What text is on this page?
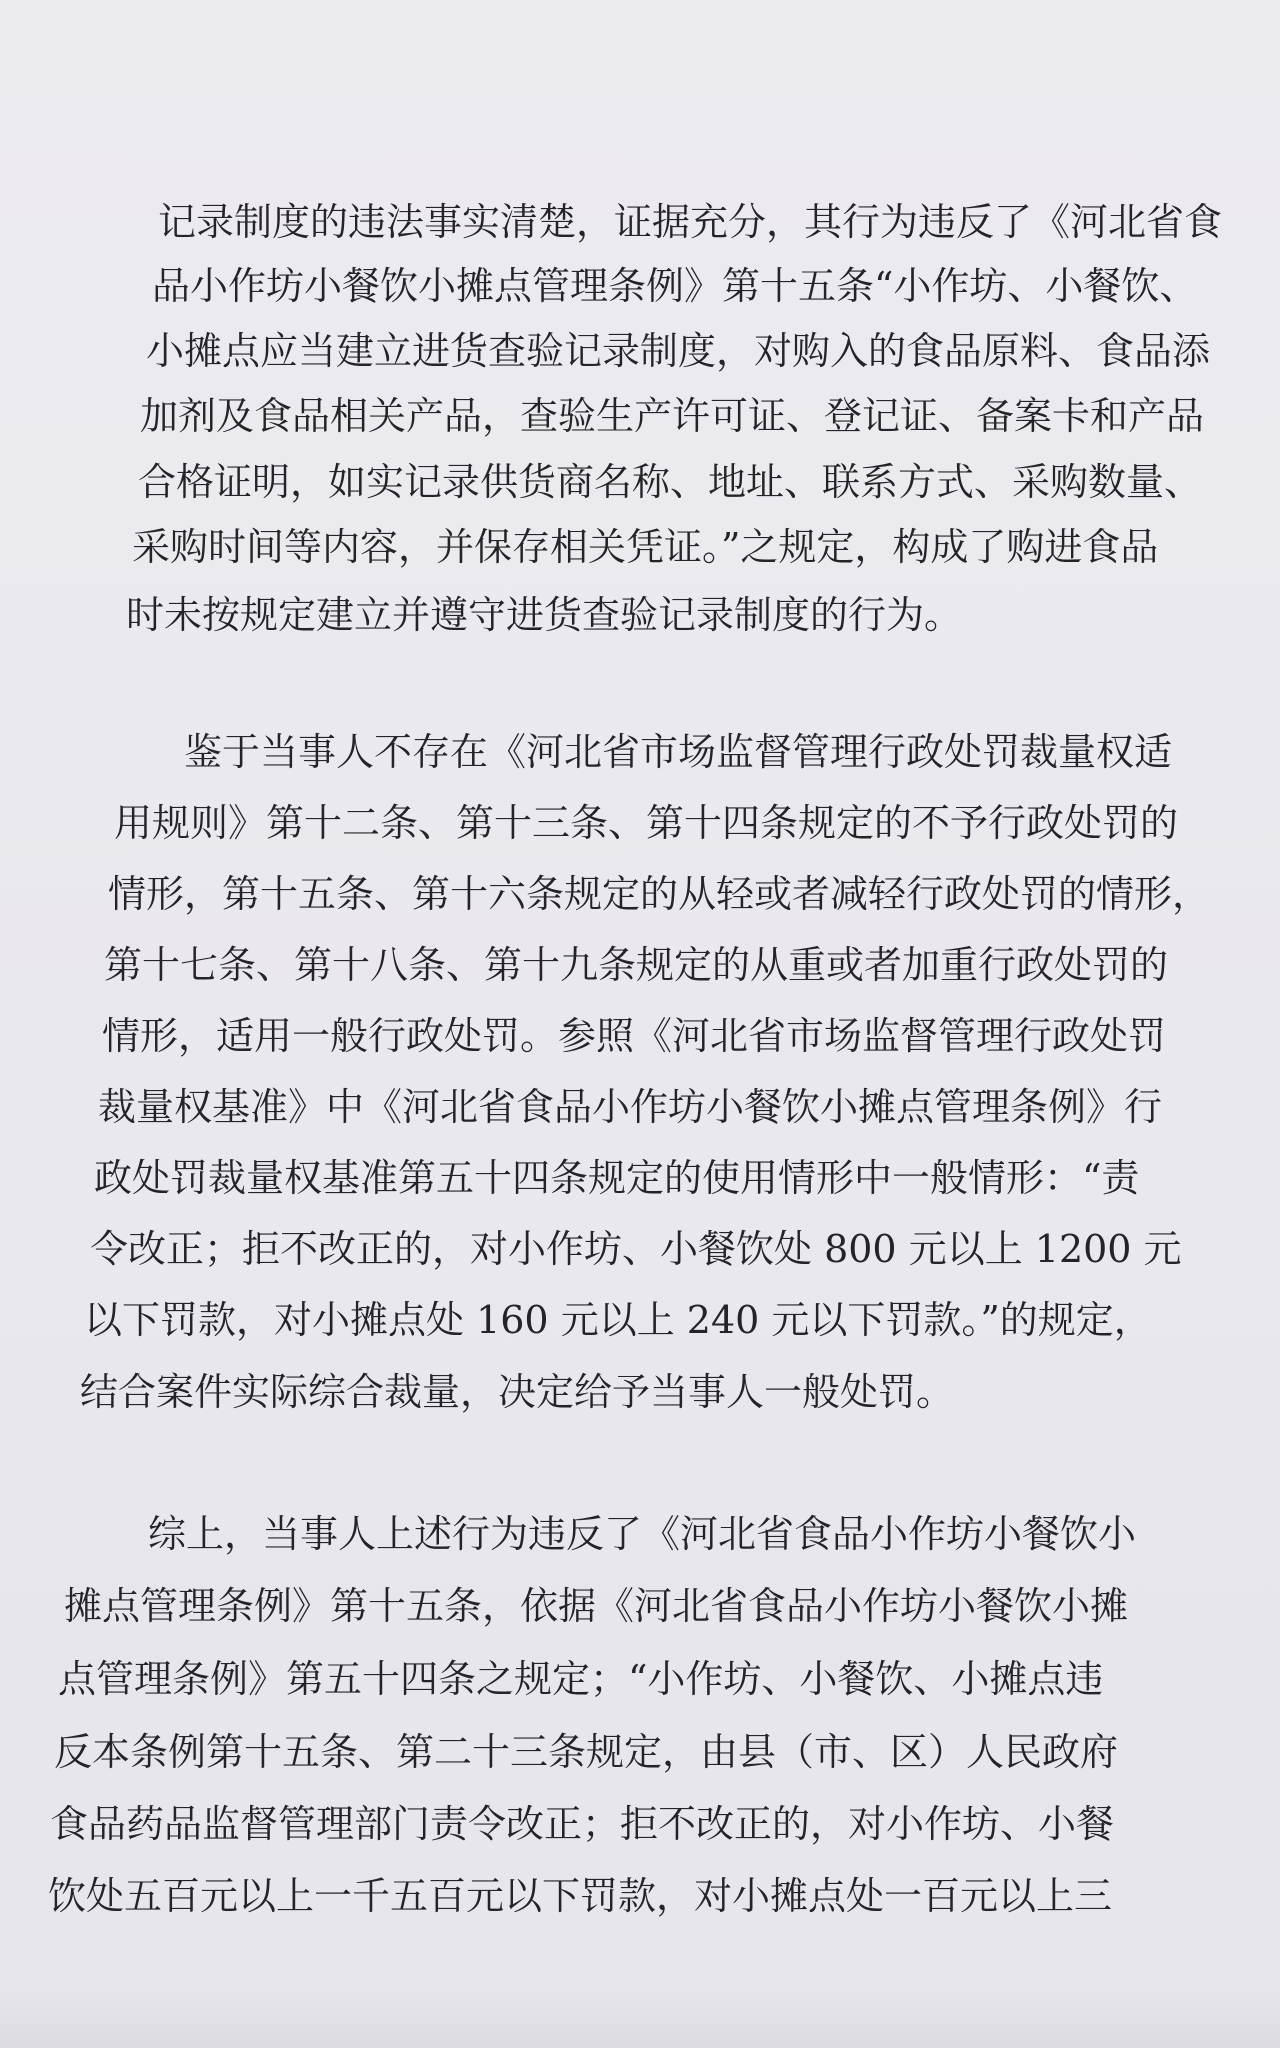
记录制度的违法事实清楚，证据充分，其行为违反了《河北省食
品小作坊小餐饮小摊点管理条例》第十五条“小作坊、小餐饮、
小摊点应当建立进货查验记录制度，对购入的食品原料、食品添
加剂及食品相关产品，查验生产许可证、登记证、备案卡和产品
合格证明，如实记录供货商名称、地址、联系方式、采购数量、
采购时间等内容，并保存相关凭证。”之规定，构成了购进食品
时未按规定建立并遵守进货查验记录制度的行为。
鉴于当事人不存在《河北省市场监督管理行政处罚裁量权适
用规则》第十二条、第十三条、第十四条规定的不予行政处罚的
情形，第十五条、第十六条规定的从轻或者减轻行政处罚的情形，
第十七条、第十八条、第十九条规定的从重或者加重行政处罚的
情形，适用一般行政处罚。参照《河北省市场监督管理行政处罚
裁量权基准》中《河北省食品小作坊小餐饮小摊点管理条例》行
政处罚裁量权基准第五十四条规定的使用情形中一般情形：“责
令改正；拒不改正的，对小作坊、小餐饮处 800 元以上 1200 元
以下罚款，对小摊点处 160 元以上 240 元以下罚款。”的规定，
结合案件实际综合裁量，决定给予当事人一般处罚。
综上，当事人上述行为违反了《河北省食品小作坊小餐饮小
摊点管理条例》第十五条，依据《河北省食品小作坊小餐饮小摊
点管理条例》第五十四条之规定；“小作坊、小餐饮、小摊点违
反本条例第十五条、第二十三条规定，由县（市、区）人民政府
食品药品监督管理部门责令改正；拒不改正的，对小作坊、小餐
饮处五百元以上一千五百元以下罚款，对小摊点处一百元以上三
